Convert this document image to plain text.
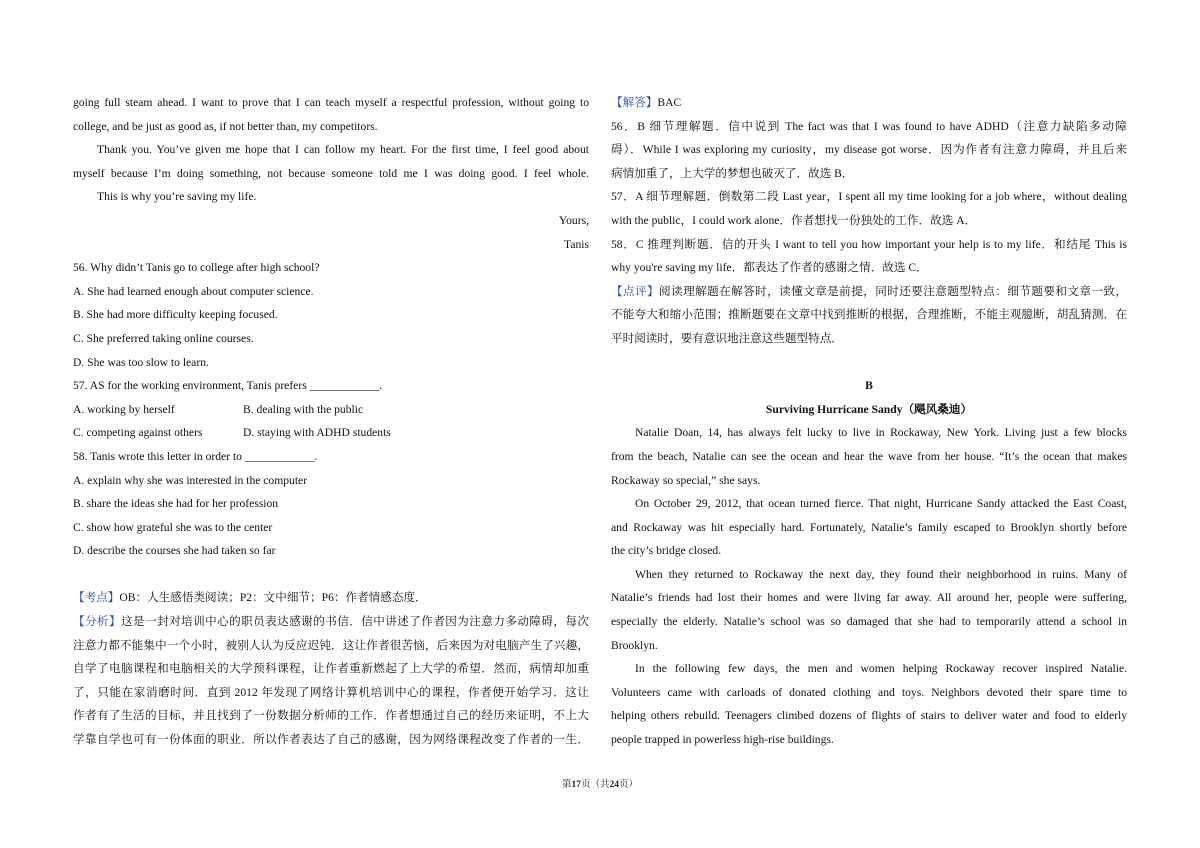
going full steam ahead. I want to prove that I can teach myself a respectful profession, without going to
college, and be just as good as, if not better than, my competitors.
Thank you. You’ve given me hope that I can follow my heart. For the first time, I feel good about
myself because I’m doing something, not because someone told me I was doing good. I feel whole.
This is why you’re saving my life.
Yours,
Tanis
56. Why didn’t Tanis go to college after high school?
A. She had learned enough about computer science.
B. She had more difficulty keeping focused.
C. She preferred taking online courses.
D. She was too slow to learn.
57. AS for the working environment, Tanis prefers ____________.
A. working by herself	B. dealing with the public
C. competing against others	D. staying with ADHD students
58. Tanis wrote this letter in order to ____________.
A. explain why she was interested in the computer
B. share the ideas she had for her profession
C. show how grateful she was to the center
D. describe the courses she had taken so far
【考点】OB：人生感悟类阅读；P2：文中细节；P6：作者情感态度．
【分析】这是一封对培训中心的职员表达感谢的书信．信中讲述了作者因为注意力多动障碍，每次
注意力都不能集中一个小时，被别人认为反应迟钝．这让作者很苦恼，后来因为对电脑产生了兴趣，
自学了电脑课程和电脑相关的大学预科课程，让作者重新燃起了上大学的希望．然而，病情却加重
了，只能在家消磨时间．直到 2012 年发现了网络计算机培训中心的课程，作者便开始学习．这让
作者有了生活的目标，并且找到了一份数据分析师的工作．作者想通过自己的经历来证明，不上大
学靠自学也可有一份体面的职业．所以作者表达了自己的感谢，因为网络课程改变了作者的一生．
【解答】BAC
56．B 细节理解题．信中说到 The fact was that I was found to have ADHD（注意力缺陷多动障
碍）．While I was exploring my curiosity，my disease got worse．因为作者有注意力障碍，并且后来
病情加重了，上大学的梦想也破灭了．故选 B．
57．A 细节理解题．倒数第二段 Last year，I spent all my time looking for a job where，without dealing
with the public，I could work alone．作者想找一份独处的工作．故选 A．
58．C 推理判断题．信的开头 I want to tell you how important your help is to my life．和结尾 This is
why you're saving my life．都表达了作者的感谢之情．故选 C．
【点评】阅读理解题在解答时，读懂文章是前提，同时还要注意题型特点：细节题要和文章一致，
不能夸大和缩小范围；推断题要在文章中找到推断的根据，合理推断，不能主观臆断，胡乱猜测．在
平时阅读时，要有意识地注意这些题型特点．
B
Surviving Hurricane Sandy（飓风桑迪）
Natalie Doan, 14, has always felt lucky to live in Rockaway, New York. Living just a few blocks
from the beach, Natalie can see the ocean and hear the wave from her house. “It’s the ocean that makes
Rockaway so special,” she says.
On October 29, 2012, that ocean turned fierce. That night, Hurricane Sandy attacked the East Coast,
and Rockaway was hit especially hard. Fortunately, Natalie’s family escaped to Brooklyn shortly before
the city’s bridge closed.
When they returned to Rockaway the next day, they found their neighborhood in ruins. Many of
Natalie’s friends had lost their homes and were living far away. All around her, people were suffering,
especially the elderly. Natalie’s school was so damaged that she had to temporarily attend a school in
Brooklyn.
In the following few days, the men and women helping Rockaway recover inspired Natalie.
Volunteers came with carloads of donated clothing and toys. Neighbors devoted their spare time to
helping others rebuild. Teenagers climbed dozens of flights of stairs to deliver water and food to elderly
people trapped in powerless high-rise buildings.
第17页（共24页）
